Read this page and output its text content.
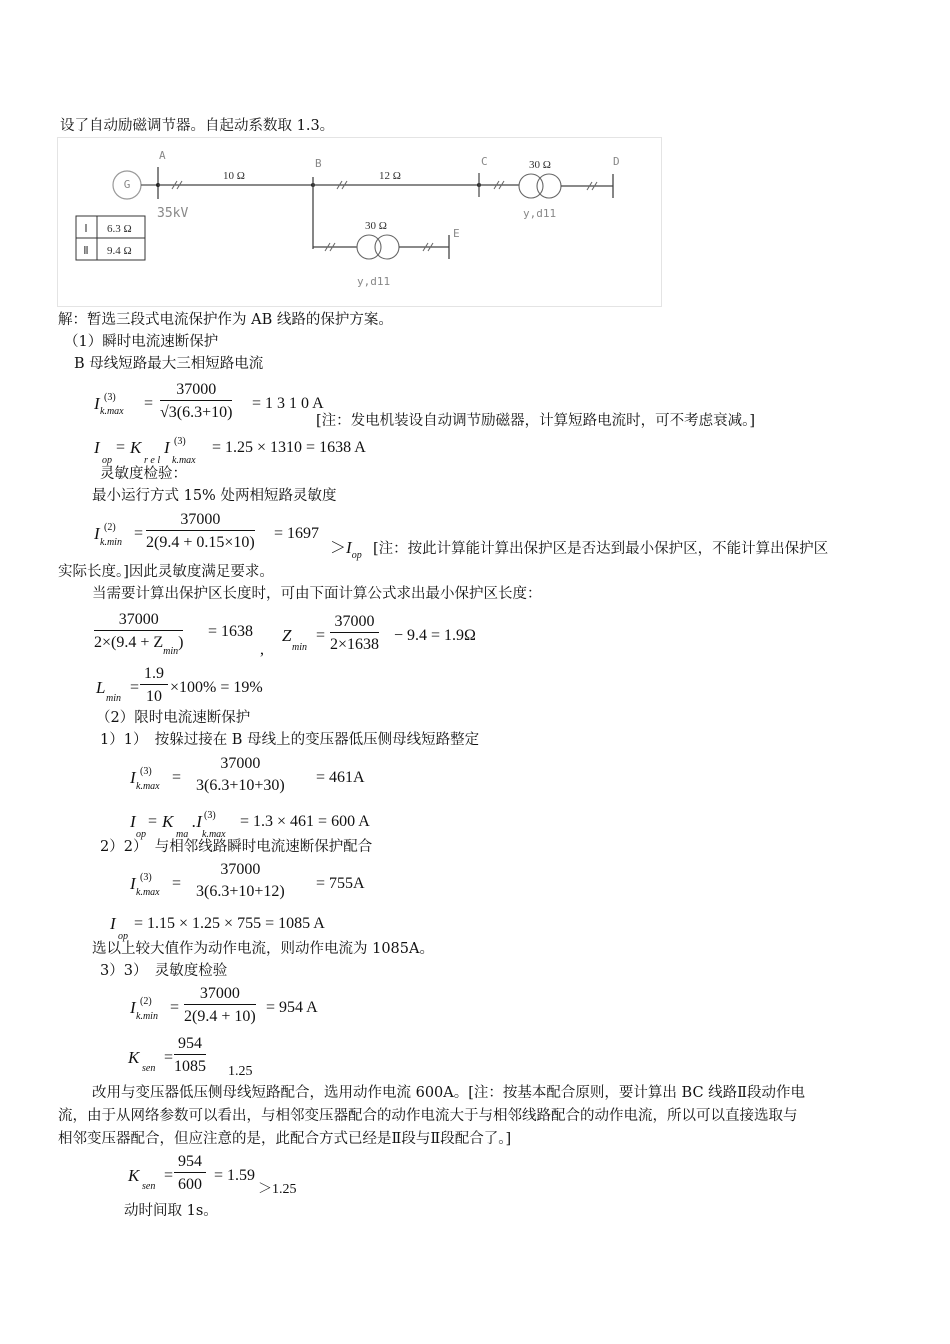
设了自动励磁调节器。自起动系数取 1.3。
G
A
35kV
10 Ω
B
12 Ω
C	30 Ω
y,d11
D
30 Ω
y,d11
E
Ⅰ 6.3 Ω
Ⅱ 9.4 Ω
解：暂选三段式电流保护作为 AB 线路的保护方案。
（1）瞬时电流速断保护
B 母线短路最大三相短路电流
I (3)
$k.\max = \frac{37000}{√3(6.3+10)} = 1$ 3 1 0 A
[注：发电机装设自动调节励磁器，计算短路电流时，可不考虑衰减。]
I
op
= K
r e l
I (3)
k.max
= 1.25 × 1310 = 1638 A
灵敏度检验：
最小运行方式 15% 处两相短路灵敏度
I (2)
k.min
= $\frac{37000}{2(9.4 + 0.15\times 10)} = 1697$
$>I_{op}$ [注：按此计算能计算出保护区是否达到最小保护区，不能计算出保护区
实际长度。]因此灵敏度满足要求。
当需要计算出保护区长度时，可由下面计算公式求出最小保护区长度：
37000
$2\times(9.4 + Z_{min})$
= 1638
,
Z
min
= $\frac{37000}{2\times 1638} - 9.4 = 1.9\Omega$
L
min
= $\frac{1.9}{10} \times 100\% = 19\%$
（2）限时电流速断保护
1）1）　按躲过接在 B 母线上的变压器低压侧母线短路整定
I (3)
k.max
=
37000
3(6.3+10+30) = 461A
I
op
= K
ma
.I (3)
k.max
= 1.3 × 461 = 600 A
2）2）　与相邻线路瞬时电流速断保护配合
I (3)
k.max
=
37000
3(6.3+10+12) = 755A
I
op
= 1.15 × 1.25 × 755 = 1085 A
选以上较大值作为动作电流，则动作电流为 1085A。
3）3）　灵敏度检验
I (2)
k.min
= $\frac{37000}{2(9.4 + 10)} = 954$ A
K
sen
= $\frac{954}{1085} 1.25$
改用与变压器低压侧母线短路配合，选用动作电流 600A。[注：按基本配合原则，要计算出 BC 线路Ⅱ段动作电
流，由于从网络参数可以看出，与相邻变压器配合的动作电流大于与相邻线路配合的动作电流，所以可以直接选取与
相邻变压器配合，但应注意的是，此配合方式已经是Ⅱ段与Ⅱ段配合了。]
K
sen
= $\frac{954}{600} = 1.59$
＞1.25
动时间取 1s。
